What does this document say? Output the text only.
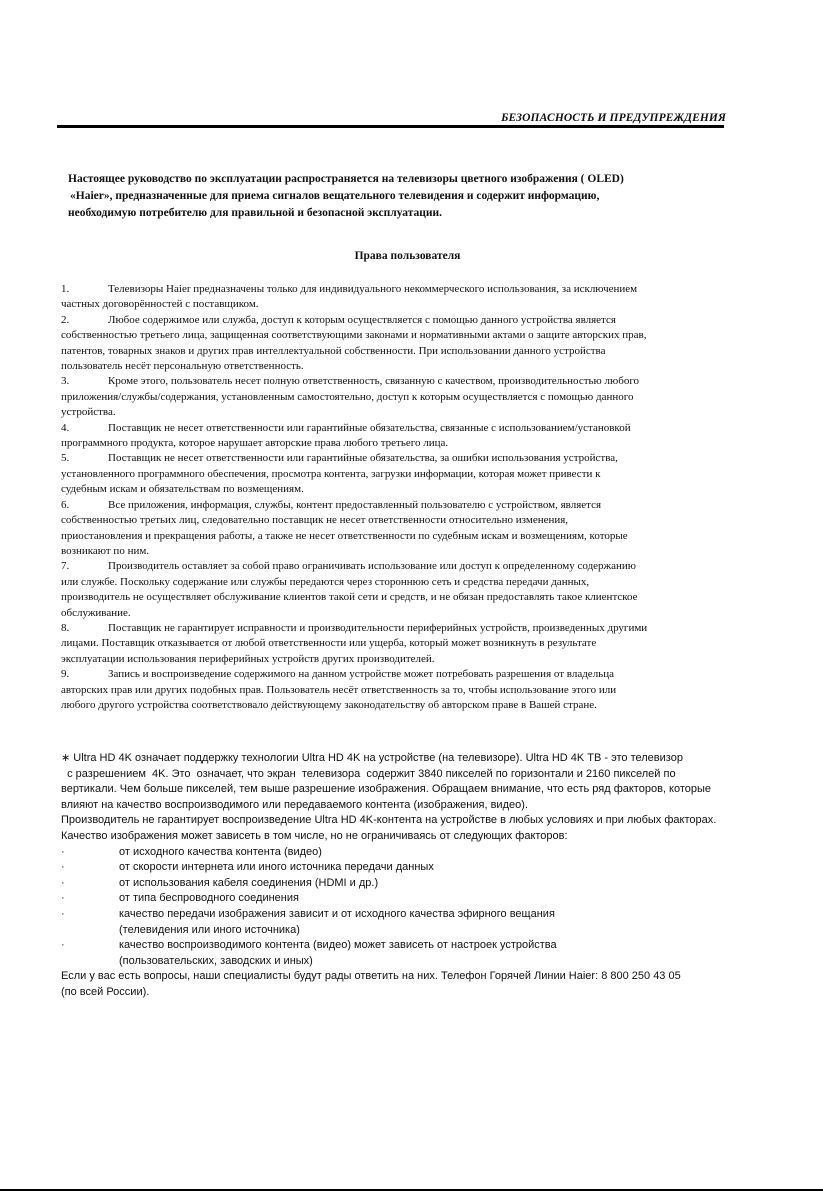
БЕЗОПАСНОСТЬ И ПРЕДУПРЕЖДЕНИЯ
Настоящее руководство по эксплуатации распространяется на телевизоры цветного изображения ( OLED)
«Haier», предназначенные для приема сигналов вещательного телевидения и содержит информацию,
необходимую потребителю для правильной и безопасной эксплуатации.
Права пользователя
1.	Телевизоры Haier предназначены только для индивидуального некоммерческого использования, за исключением
частных договорённостей с поставщиком.
2.	Любое содержимое или служба, доступ к которым осуществляется с помощью данного устройства является
собственностью третьего лица, защищенная соответствующими законами и нормативными актами о защите авторских прав,
патентов, товарных знаков и других прав интеллектуальной собственности. При использовании данного устройства
пользователь несёт персональную ответственность.
3.	Кроме этого, пользователь несет полную ответственность, связанную с качеством, производительностью любого
приложения/службы/содержания, установленным самостоятельно, доступ к которым осуществляется с помощью данного
устройства.
4.	Поставщик не несет ответственности или гарантийные обязательства, связанные с использованием/установкой
программного продукта, которое нарушает авторские права любого третьего лица.
5.	Поставщик не несет ответственности или гарантийные обязательства, за ошибки использования устройства,
установленного программного обеспечения, просмотра контента, загрузки информации, которая может привести к
судебным искам и обязательствам по возмещениям.
6.	Все приложения, информация, службы, контент предоставленный пользователю с устройством, является
собственностью третьих лиц, следовательно поставщик не несет ответственности относительно изменения,
приостановления и прекращения работы, а также не несет ответственности по судебным искам и возмещениям, которые
возникают по ним.
7.	Производитель оставляет за собой право ограничивать использование или доступ к определенному содержанию
или службе. Поскольку содержание или службы передаются через стороннюю сеть и средства передачи данных,
производитель не осуществляет обслуживание клиентов такой сети и средств, и не обязан предоставлять такое клиентское
обслуживание.
8.	Поставщик не гарантирует исправности и производительности периферийных устройств, произведенных другими
лицами. Поставщик отказывается от любой ответственности или ущерба, который может возникнуть в результате
эксплуатации использования периферийных устройств других производителей.
9.	Запись и воспроизведение содержимого на данном устройстве может потребовать разрешения от владельца
авторских прав или других подобных прав. Пользователь несёт ответственность за то, чтобы использование этого или
любого другого устройства соответствовало действующему законодательству об авторском праве в Вашей стране.
∗ Ultra HD 4K означает поддержку технологии Ultra HD 4K на устройстве (на телевизоре). Ultra HD 4K ТВ - это телевизор
с разрешением  4K. Это  означает, что экран  телевизора  содержит 3840 пикселей по горизонтали и 2160 пикселей по
вертикали. Чем больше пикселей, тем выше разрешение изображения. Обращаем внимание, что есть ряд факторов, которые
влияют на качество воспроизводимого или передаваемого контента (изображения, видео).
Производитель не гарантирует воспроизведение Ultra HD 4K-контента на устройстве в любых условиях и при любых факторах.
Качество изображения может зависеть в том числе, но не ограничиваясь от следующих факторов:
·	от исходного качества контента (видео)
·	от скорости интернета или иного источника передачи данных
·	от использования кабеля соединения (HDMI и др.)
·	от типа беспроводного соединения
·	качество передачи изображения зависит и от исходного качества эфирного вещания
(телевидения или иного источника)
·	качество воспроизводимого контента (видео) может зависеть от настроек устройства
(пользовательских, заводских и иных)
Если у вас есть вопросы, наши специалисты будут рады ответить на них. Телефон Горячей Линии Haier: 8 800 250 43 05
(по всей России).
